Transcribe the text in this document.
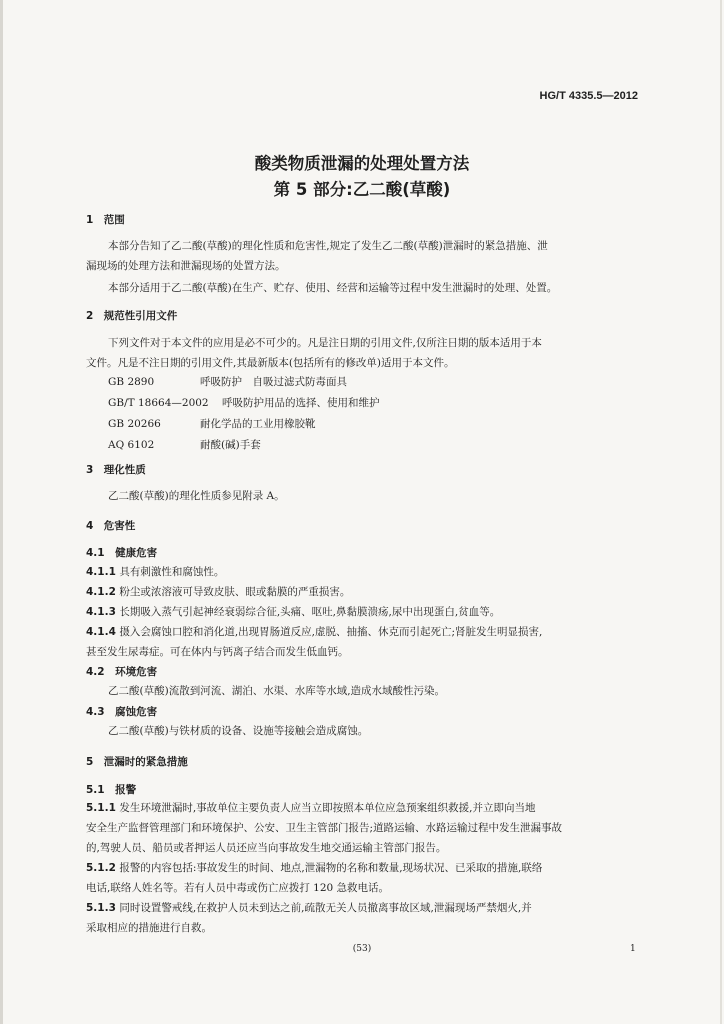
HG/T 4335.5—2012
酸类物质泄漏的处理处置方法
第 5 部分:乙二酸(草酸)
1　范围
本部分告知了乙二酸(草酸)的理化性质和危害性,规定了发生乙二酸(草酸)泄漏时的紧急措施、泄
漏现场的处理方法和泄漏现场的处置方法。
本部分适用于乙二酸(草酸)在生产、贮存、使用、经营和运输等过程中发生泄漏时的处理、处置。
2　规范性引用文件
下列文件对于本文件的应用是必不可少的。凡是注日期的引用文件,仅所注日期的版本适用于本
文件。凡是不注日期的引用文件,其最新版本(包括所有的修改单)适用于本文件。
GB 2890	呼吸防护　自吸过滤式防毒面具
GB/T 18664—2002 呼吸防护用品的选择、使用和维护
GB 20266	耐化学品的工业用橡胶靴
AQ 6102	耐酸(碱)手套
3　理化性质
乙二酸(草酸)的理化性质参见附录 A。
4　危害性
4.1　健康危害
4.1.1 具有刺激性和腐蚀性。
4.1.2 粉尘或浓溶液可导致皮肤、眼或黏膜的严重损害。
4.1.3 长期吸入蒸气引起神经衰弱综合征,头痛、呕吐,鼻黏膜溃疡,尿中出现蛋白,贫血等。
4.1.4 摄入会腐蚀口腔和消化道,出现胃肠道反应,虚脱、抽搐、休克而引起死亡;肾脏发生明显损害,
甚至发生尿毒症。可在体内与钙离子结合而发生低血钙。
4.2　环境危害
乙二酸(草酸)流散到河流、湖泊、水渠、水库等水域,造成水域酸性污染。
4.3　腐蚀危害
乙二酸(草酸)与铁材质的设备、设施等接触会造成腐蚀。
5　泄漏时的紧急措施
5.1　报警
5.1.1 发生环境泄漏时,事故单位主要负责人应当立即按照本单位应急预案组织救援,并立即向当地
安全生产监督管理部门和环境保护、公安、卫生主管部门报告;道路运输、水路运输过程中发生泄漏事故
的,驾驶人员、船员或者押运人员还应当向事故发生地交通运输主管部门报告。
5.1.2 报警的内容包括:事故发生的时间、地点,泄漏物的名称和数量,现场状况、已采取的措施,联络
电话,联络人姓名等。若有人员中毒或伤亡应拨打 120 急救电话。
5.1.3 同时设置警戒线,在救护人员未到达之前,疏散无关人员撤离事故区域,泄漏现场严禁烟火,并
采取相应的措施进行自救。
(53)	1
